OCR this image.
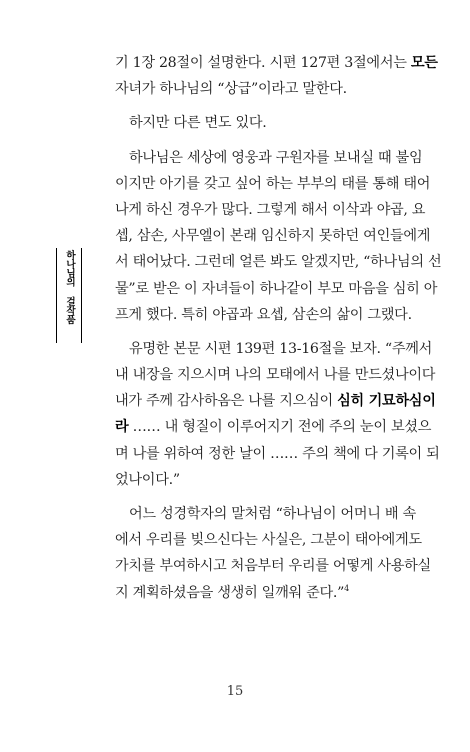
하나님의 걸작품
기 1장 28절이 설명한다. 시편 127편 3절에서는 모든
자녀가 하나님의 “상급”이라고 말한다.
하지만 다른 면도 있다.
하나님은 세상에 영웅과 구원자를 보내실 때 불임
이지만 아기를 갖고 싶어 하는 부부의 태를 통해 태어
나게 하신 경우가 많다. 그렇게 해서 이삭과 야곱, 요
셉, 삼손, 사무엘이 본래 임신하지 못하던 여인들에게
서 태어났다. 그런데 얼른 봐도 알겠지만, “하나님의 선
물”로 받은 이 자녀들이 하나같이 부모 마음을 심히 아
프게 했다. 특히 야곱과 요셉, 삼손의 삶이 그랬다.
유명한 본문 시편 139편 13-16절을 보자. “주께서
내 내장을 지으시며 나의 모태에서 나를 만드셨나이다
내가 주께 감사하옴은 나를 지으심이 심히 기묘하심이
라 …… 내 형질이 이루어지기 전에 주의 눈이 보셨으
며 나를 위하여 정한 날이 …… 주의 책에 다 기록이 되
었나이다.”
어느 성경학자의 말처럼 “하나님이 어머니 배 속
에서 우리를 빚으신다는 사실은, 그분이 태아에게도
가치를 부여하시고 처음부터 우리를 어떻게 사용하실
지 계획하셨음을 생생히 일깨워 준다.”$^4$
15
